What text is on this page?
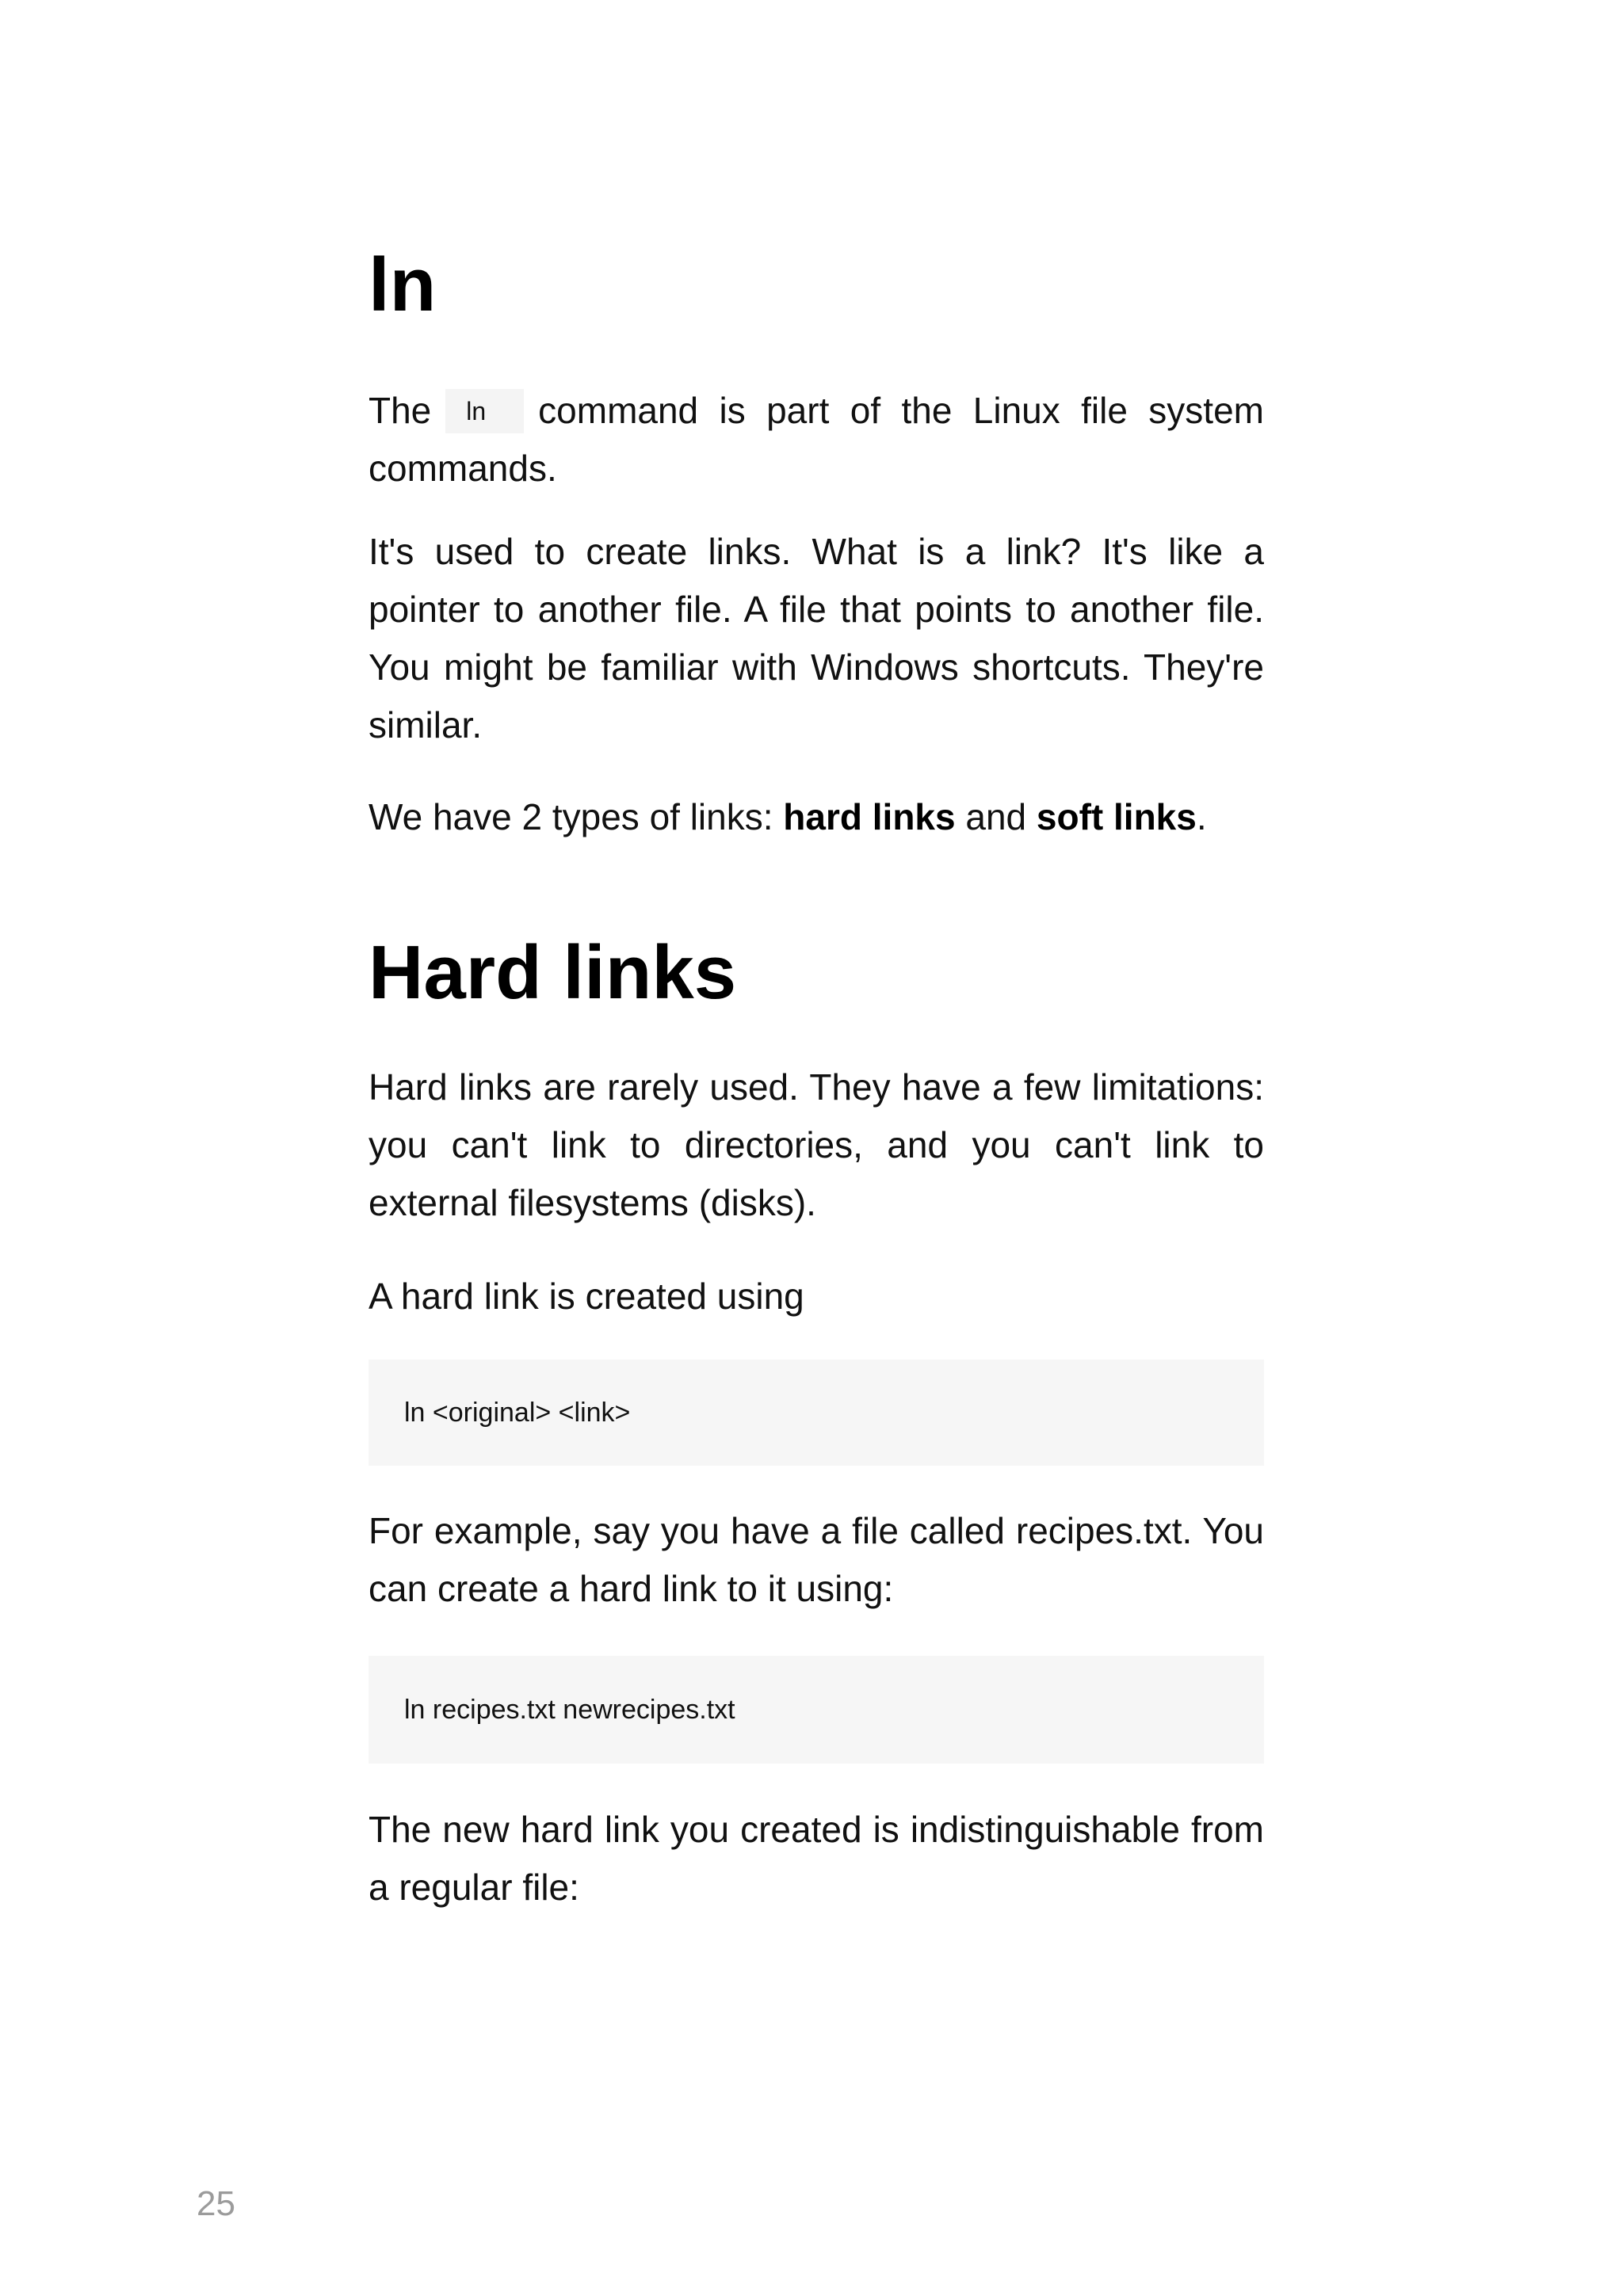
ln

The ln command is part of the Linux file system commands.

It's used to create links. What is a link? It's like a pointer to another file. A file that points to another file. You might be familiar with Windows shortcuts. They're similar.

We have 2 types of links: hard links and soft links.

Hard links

Hard links are rarely used. They have a few limitations: you can't link to directories, and you can't link to external filesystems (disks).

A hard link is created using

ln <original> <link>

For example, say you have a file called recipes.txt. You can create a hard link to it using:

ln recipes.txt newrecipes.txt

The new hard link you created is indistinguishable from a regular file:

25
